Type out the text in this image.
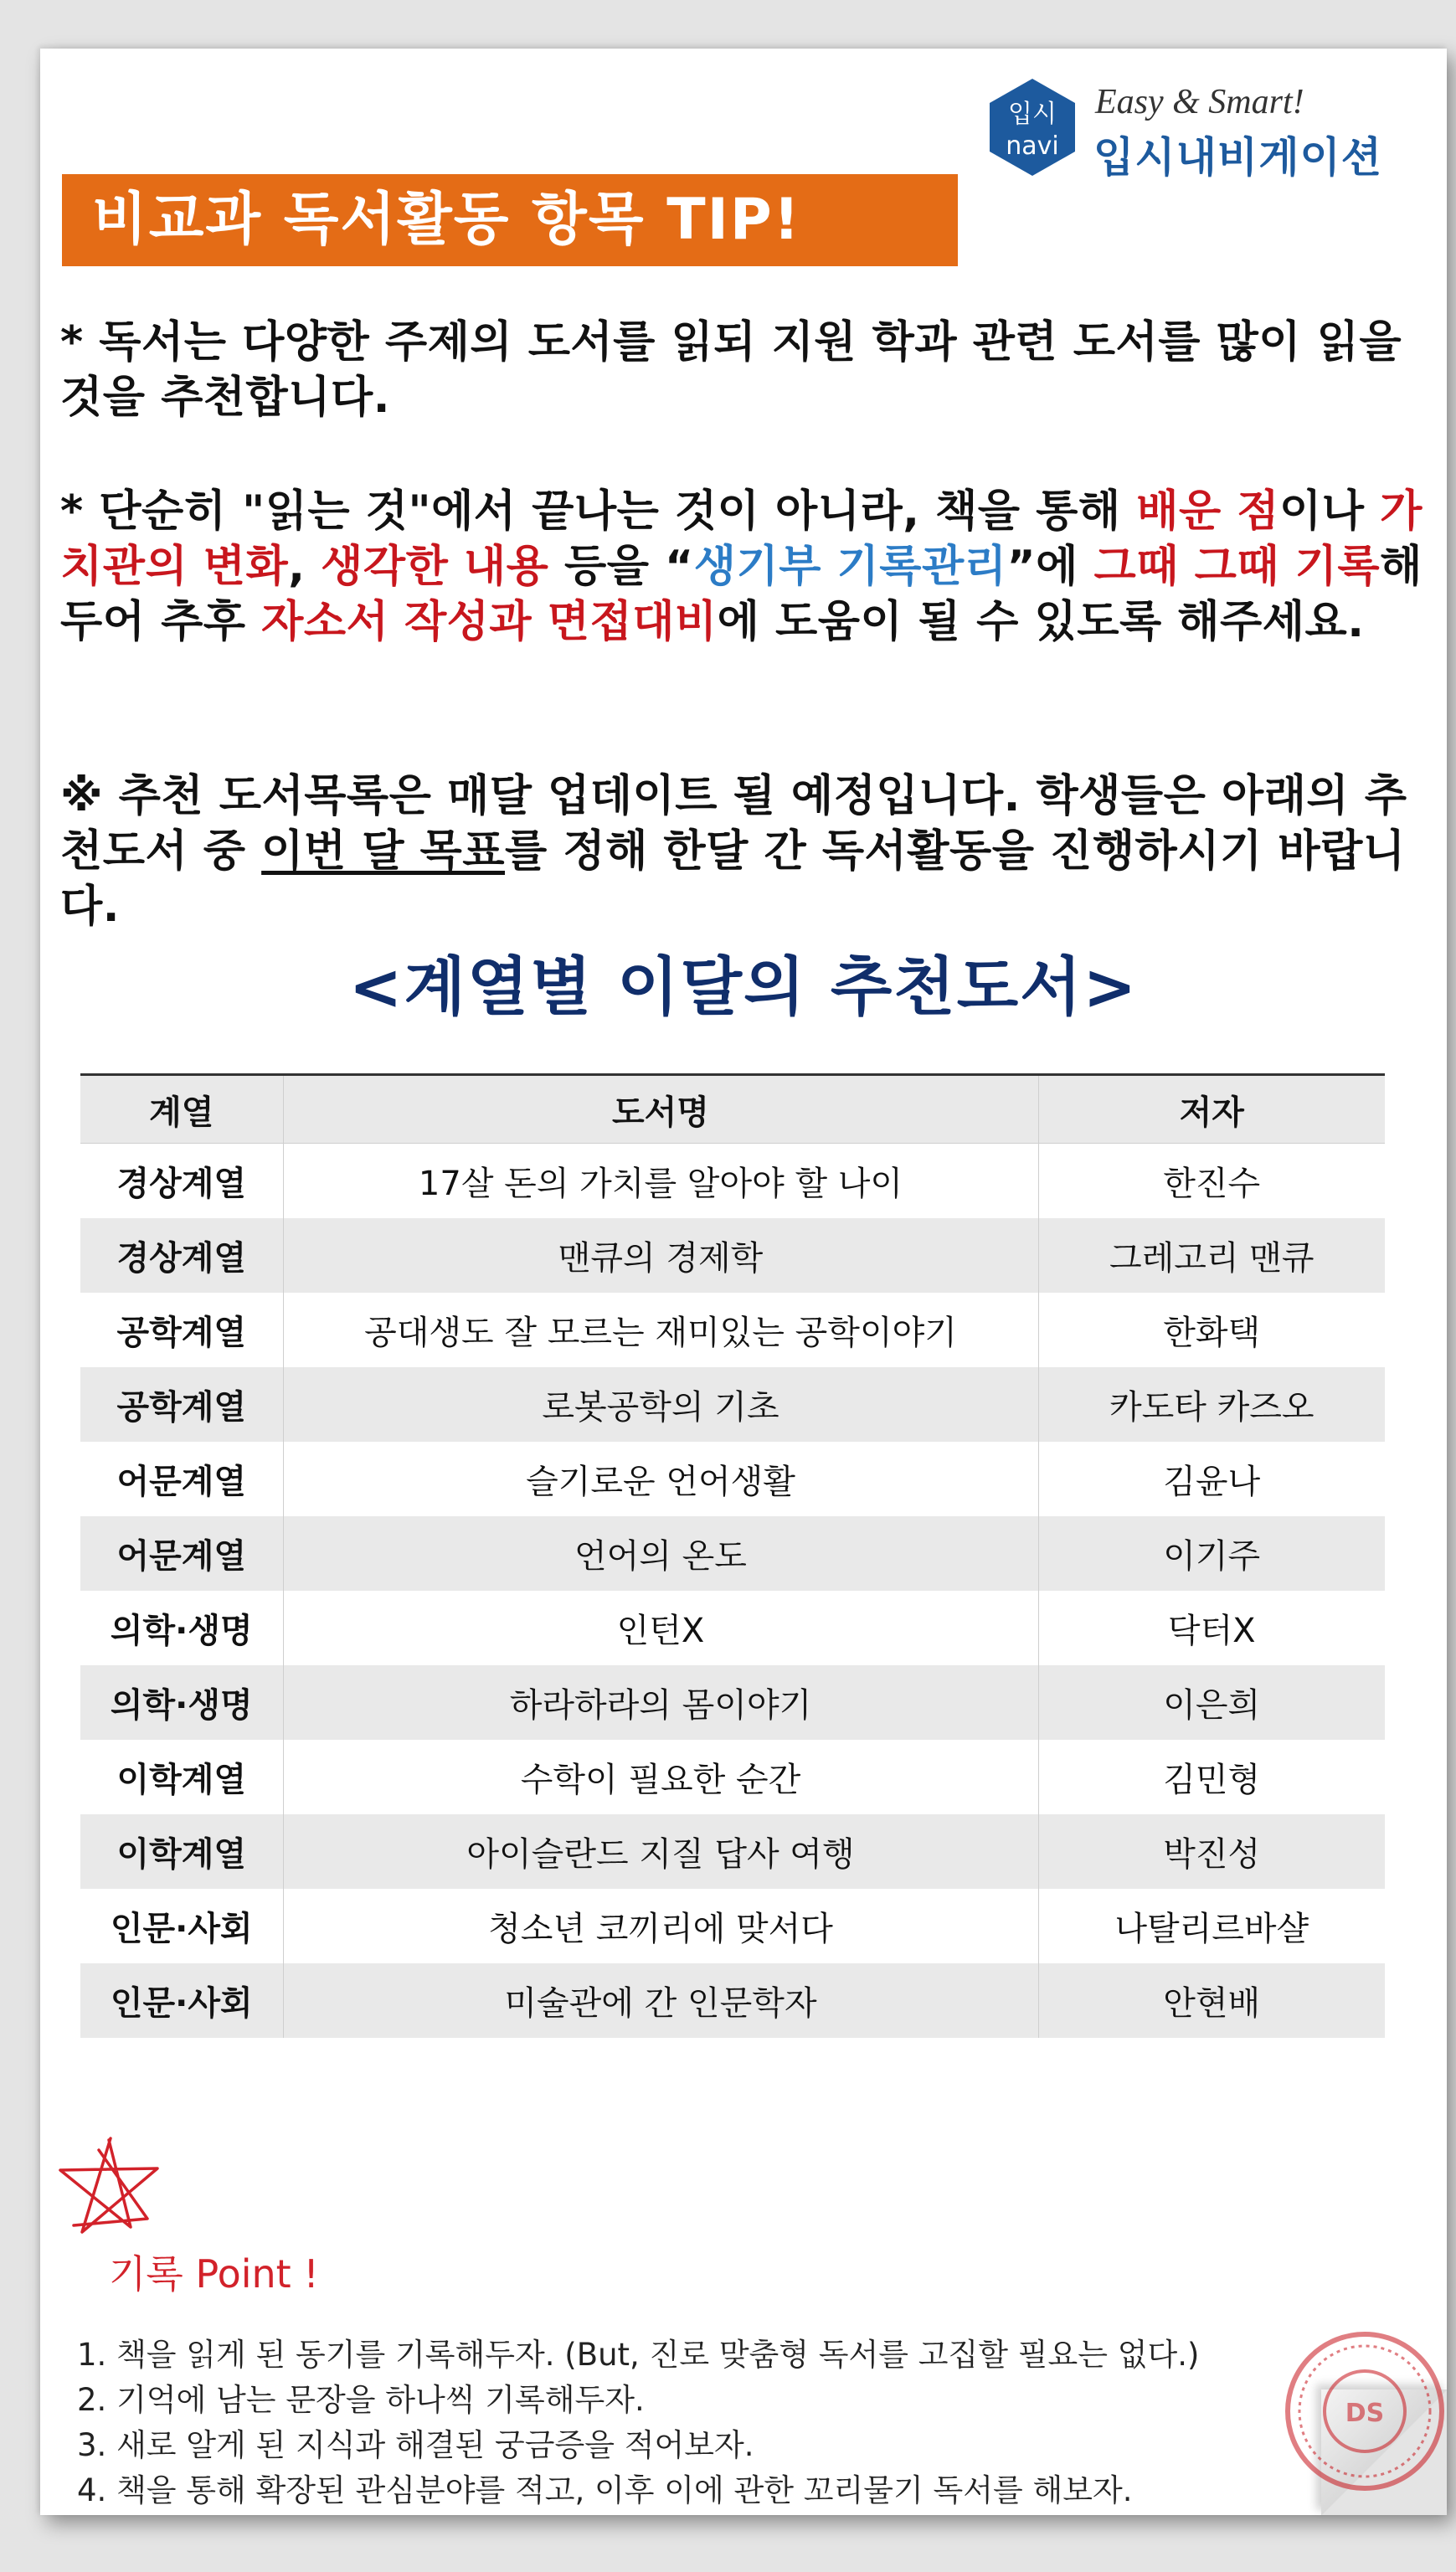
입시
navi
Easy & Smart!
입시내비게이션
비교과 독서활동 항목 TIP!
* 독서는 다양한 주제의 도서를 읽되 지원 학과 관련 도서를 많이 읽을 것을 추천합니다.
* 단순히 "읽는 것"에서 끝나는 것이 아니라, 책을 통해 배운 점이나 가치관의 변화, 생각한 내용 등을 “생기부 기록관리”에 그때 그때 기록해두어 추후 자소서 작성과 면접대비에 도움이 될 수 있도록 해주세요.
※ 추천 도서목록은 매달 업데이트 될 예정입니다. 학생들은 아래의 추천도서 중 이번 달 목표를 정해 한달 간 독서활동을 진행하시기 바랍니다.
<계열별 이달의 추천도서>
계열	도서명	저자
경상계열	17살 돈의 가치를 알아야 할 나이	한진수
경상계열	맨큐의 경제학	그레고리 맨큐
공학계열	공대생도 잘 모르는 재미있는 공학이야기	한화택
공학계열	로봇공학의 기초	카도타 카즈오
어문계열	슬기로운 언어생활	김윤나
어문계열	언어의 온도	이기주
의학·생명	인턴X	닥터X
의학·생명	하라하라의 몸이야기	이은희
이학계열	수학이 필요한 순간	김민형
이학계열	아이슬란드 지질 답사 여행	박진성
인문·사회	청소년 코끼리에 맞서다	나탈리르바샬
인문·사회	미술관에 간 인문학자	안현배
기록 Point !
1. 책을 읽게 된 동기를 기록해두자. (But, 진로 맞춤형 독서를 고집할 필요는 없다.)
2. 기억에 남는 문장을 하나씩 기록해두자.
3. 새로 알게 된 지식과 해결된 궁금증을 적어보자.
4. 책을 통해 확장된 관심분야를 적고, 이후 이에 관한 꼬리물기 독서를 해보자.
DS
